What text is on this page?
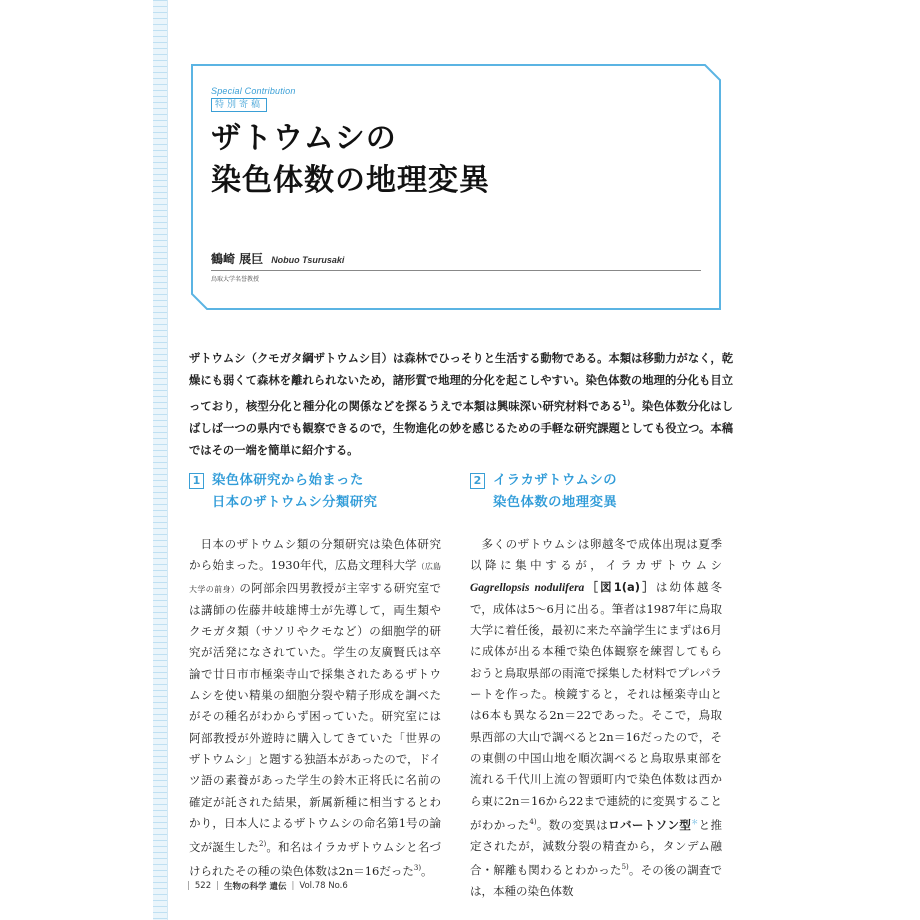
Special Contribution
特別寄稿
ザトウムシの
染色体数の地理変異
鶴崎 展巨 Nobuo Tsurusaki
鳥取大学名誉教授

ザトウムシ（クモガタ綱ザトウムシ目）は森林でひっそりと生活する動物である。本類は移動力がなく，乾燥にも弱くて森林を離れられないため，諸形質で地理的分化を起こしやすい。染色体数の地理的分化も目立っており，核型分化と種分化の関係などを探るうえで本類は興味深い研究材料である$^{1)}$。染色体数分化はしばしば一つの県内でも観察できるので，生物進化の妙を感じるための手軽な研究課題としても役立つ。本稿ではその一端を簡単に紹介する。

1 染色体研究から始まった
日本のザトウムシ分類研究

日本のザトウムシ類の分類研究は染色体研究から始まった。1930年代，広島文理科大学（広島大学の前身）の阿部余四男教授が主宰する研究室では講師の佐藤井岐雄博士が先導して，両生類やクモガタ類（サソリやクモなど）の細胞学的研究が活発になされていた。学生の友廣賢氏は卒論で廿日市市極楽寺山で採集されたあるザトウムシを使い精巣の細胞分裂や精子形成を調べたがその種名がわからず困っていた。研究室には阿部教授が外遊時に購入してきていた「世界のザトウムシ」と題する独語本があったので，ドイツ語の素養があった学生の鈴木正将氏に名前の確定が託された結果，新属新種に相当するとわかり，日本人によるザトウムシの命名第1号の論文が誕生した$^{2)}$。和名はイラカザトウムシと名づけられたその種の染色体数は2n＝16だった$^{3)}$。

2 イラカザトウムシの
染色体数の地理変異

多くのザトウムシは卵越冬で成体出現は夏季以降に集中するが，イラカザトウムシ Gagrellopsis nodulifera［図1(a)］は幼体越冬で，成体は5～6月に出る。筆者は1987年に鳥取大学に着任後，最初に来た卒論学生にまずは6月に成体が出る本種で染色体観察を練習してもらおうと鳥取県部の雨滝で採集した材料でプレパラートを作った。検鏡すると，それは極楽寺山とは6本も異なる2n＝22であった。そこで，鳥取県西部の大山で調べると2n＝16だったので，その東側の中国山地を順次調べると鳥取県東部を流れる千代川上流の智頭町内で染色体数は西から東に2n＝16から22まで連続的に変異することがわかった$^{4)}$。数の変異はロバートソン型＊と推定されたが，減数分裂の精査から，タンデム融合・解離も関わるとわかった$^{5)}$。その後の調査では，本種の染色体数

| 522 | 生物の科学 遺伝 | Vol.78 No.6
